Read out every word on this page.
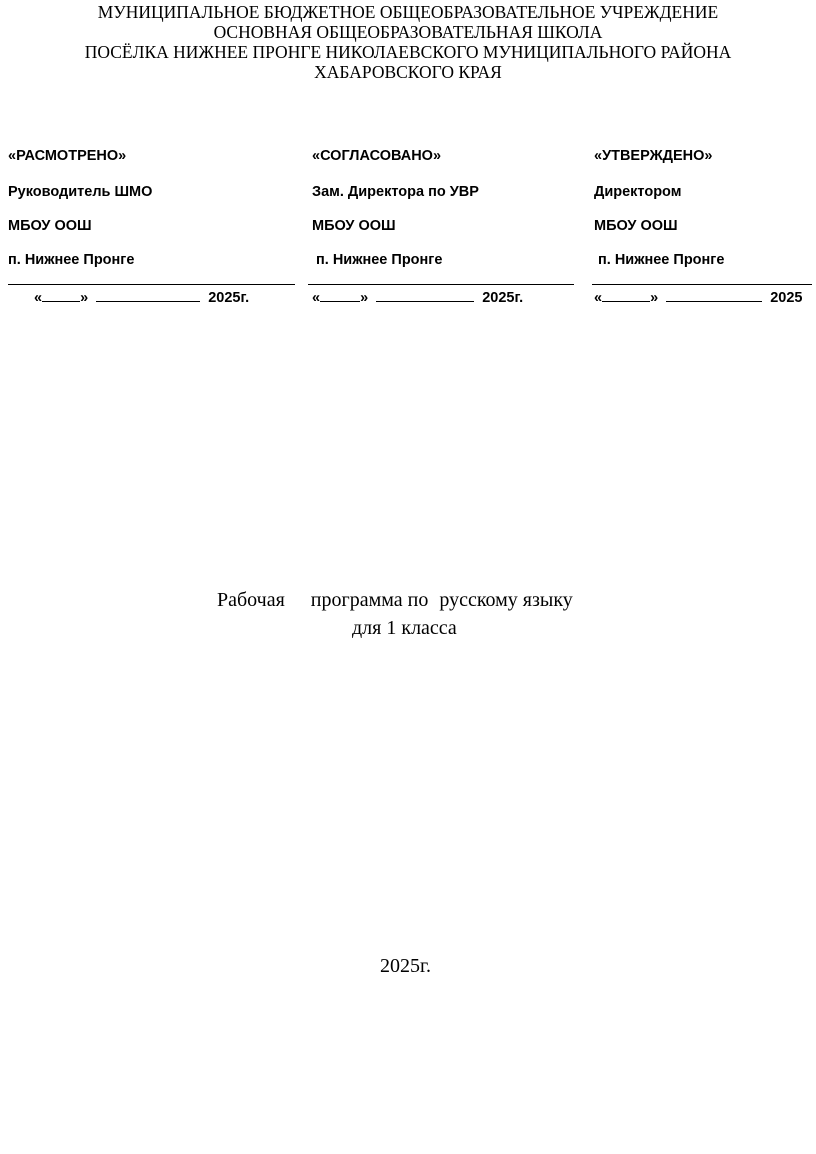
МУНИЦИПАЛЬНОЕ БЮДЖЕТНОЕ ОБЩЕОБРАЗОВАТЕЛЬНОЕ УЧРЕЖДЕНИЕ
ОСНОВНАЯ ОБЩЕОБРАЗОВАТЕЛЬНАЯ ШКОЛА
ПОСЁЛКА НИЖНЕЕ ПРОНГЕ НИКОЛАЕВСКОГО МУНИЦИПАЛЬНОГО РАЙОНА
ХАБАРОВСКОГО КРАЯ
«РАСМОТРЕНО»
Руководитель ШМО
МБОУ ООШ
п. Нижнее Пронге
«	»	2025г.
«СОГЛАСОВАНО»
Зам. Директора по УВР
МБОУ ООШ
п. Нижнее Пронге
«	»	2025г.
«УТВЕРЖДЕНО»
Директором
МБОУ ООШ
п. Нижнее Пронге
«	»	2025
Рабочая программа по русскому языку
для 1 класса
2025г.
